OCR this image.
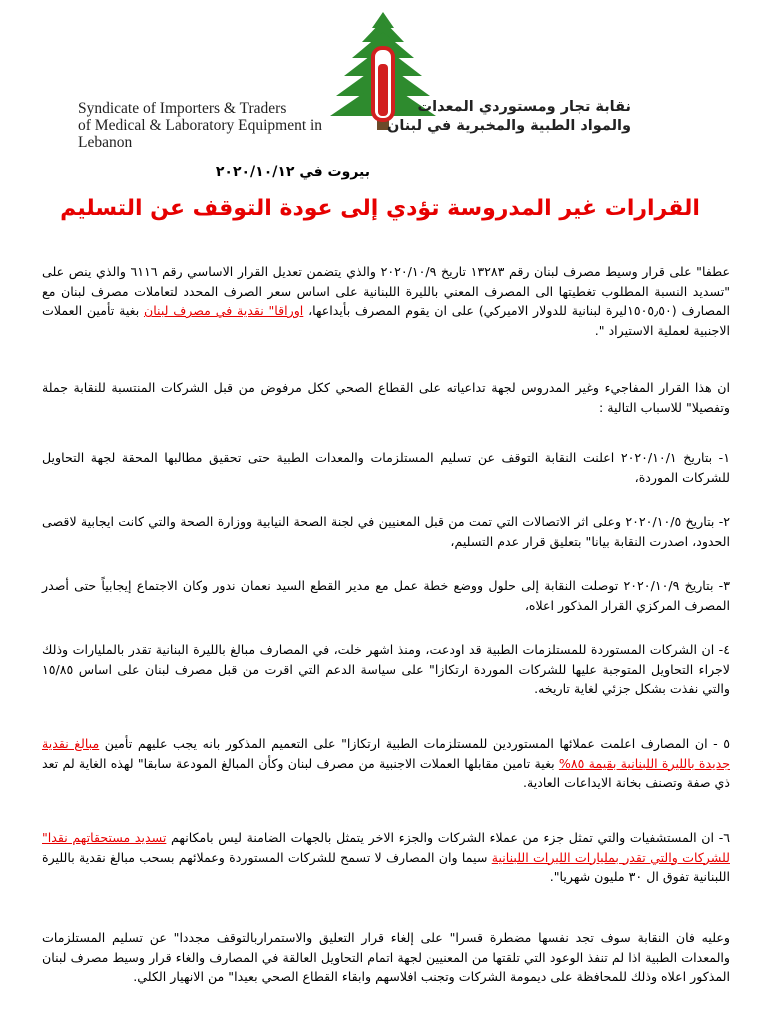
Syndicate of Importers & Traders
of Medical & Laboratory Equipment in Lebanon
نقابة تجار ومستوردي المعدات
والمواد الطبية والمخبرية في لبنان
بيروت في ٢٠٢٠/١٠/١٢
القرارات غير المدروسة تؤدي إلى عودة التوقف عن التسليم

عطفا" على قرار وسيط مصرف لبنان رقم ١٣٢٨٣ تاريخ ٢٠٢٠/١٠/٩ والذي يتضمن تعديل القرار الاساسي رقم ٦١١٦ والذي ينص على "تسديد النسبة المطلوب تغطيتها الى المصرف المعني بالليرة اللبنانية على اساس سعر الصرف المحدد لتعاملات مصرف لبنان مع المصارف (١٥٠٥٫٥٠ليرة لبنانية للدولار الاميركي) على ان يقوم المصرف بأيداعها، اوراقا" نقدية في مصرف لبنان بغية تأمين العملات الاجنبية لعملية الاستيراد ".

ان هذا القرار المفاجيء وغير المدروس لجهة تداعياته على القطاع الصحي ككل مرفوض من قبل الشركات المنتسبة للنقابة جملة وتفصيلا" للاسباب التالية :

١- بتاريخ ٢٠٢٠/١٠/١ اعلنت النقابة التوقف عن تسليم المستلزمات والمعدات الطبية حتى تحقيق مطالبها المحقة لجهة التحاويل للشركات الموردة،

٢- بتاريخ ٢٠٢٠/١٠/٥ وعلى اثر الاتصالات التي تمت من قبل المعنيين في لجنة الصحة النيابية ووزارة الصحة والتي كانت ايجابية لاقصى الحدود، اصدرت النقابة بيانا" بتعليق قرار عدم التسليم،

٣- بتاريخ ٢٠٢٠/١٠/٩ توصلت النقابة إلى حلول ووضع خطة عمل مع مدير القطع السيد نعمان ندور وكان الاجتماع إيجابياً حتى أصدر المصرف المركزي القرار المذكور اعلاه،

٤- ان الشركات المستوردة للمستلزمات الطبية قد اودعت، ومنذ اشهر خلت، في المصارف مبالغ بالليرة البنانية تقدر بالمليارات وذلك لاجراء التحاويل المتوجبة عليها للشركات الموردة ارتكازا" على سياسة الدعم التي اقرت من قبل مصرف لبنان على اساس ١٥/٨٥ والتي نفذت بشكل جزئي لغاية تاريخه.

٥ - ان المصارف اعلمت عملائها المستوردين للمستلزمات الطبية ارتكازا" على التعميم المذكور بانه يجب عليهم تأمين مبالغ نقدية جديدة بالليرة اللبنانية بقيمة ٨٥% بغية تامين مقابلها العملات الاجنبية من مصرف لبنان وكأن المبالغ المودعة سابقا" لهذه الغاية لم تعد ذي صفة وتصنف بخانة الايداعات العادية.

٦- ان المستشفيات والتي تمثل جزء من عملاء الشركات والجزء الاخر يتمثل بالجهات الضامنة ليس بامكانهم تسديد مستحقاتهم نقدا" للشركات والتي تقدر بمليارات الليرات اللبنانية سيما وان المصارف لا تسمح للشركات المستوردة وعملائهم بسحب مبالغ نقدية بالليرة اللبنانية تفوق ال ٣٠ مليون شهريا".

وعليه فان النقابة سوف تجد نفسها مضطرة قسرا" على إلغاء قرار التعليق والاستمراربالتوقف مجددا" عن تسليم المستلزمات والمعدات الطبية اذا لم تنفذ الوعود التي تلقتها من المعنيين لجهة اتمام التحاويل العالقة في المصارف والغاء قرار وسيط مصرف لبنان المذكور اعلاه وذلك للمحافظة على ديمومة الشركات وتجنب افلاسهم وابقاء القطاع الصحي بعيدا" من الانهيار الكلي.
